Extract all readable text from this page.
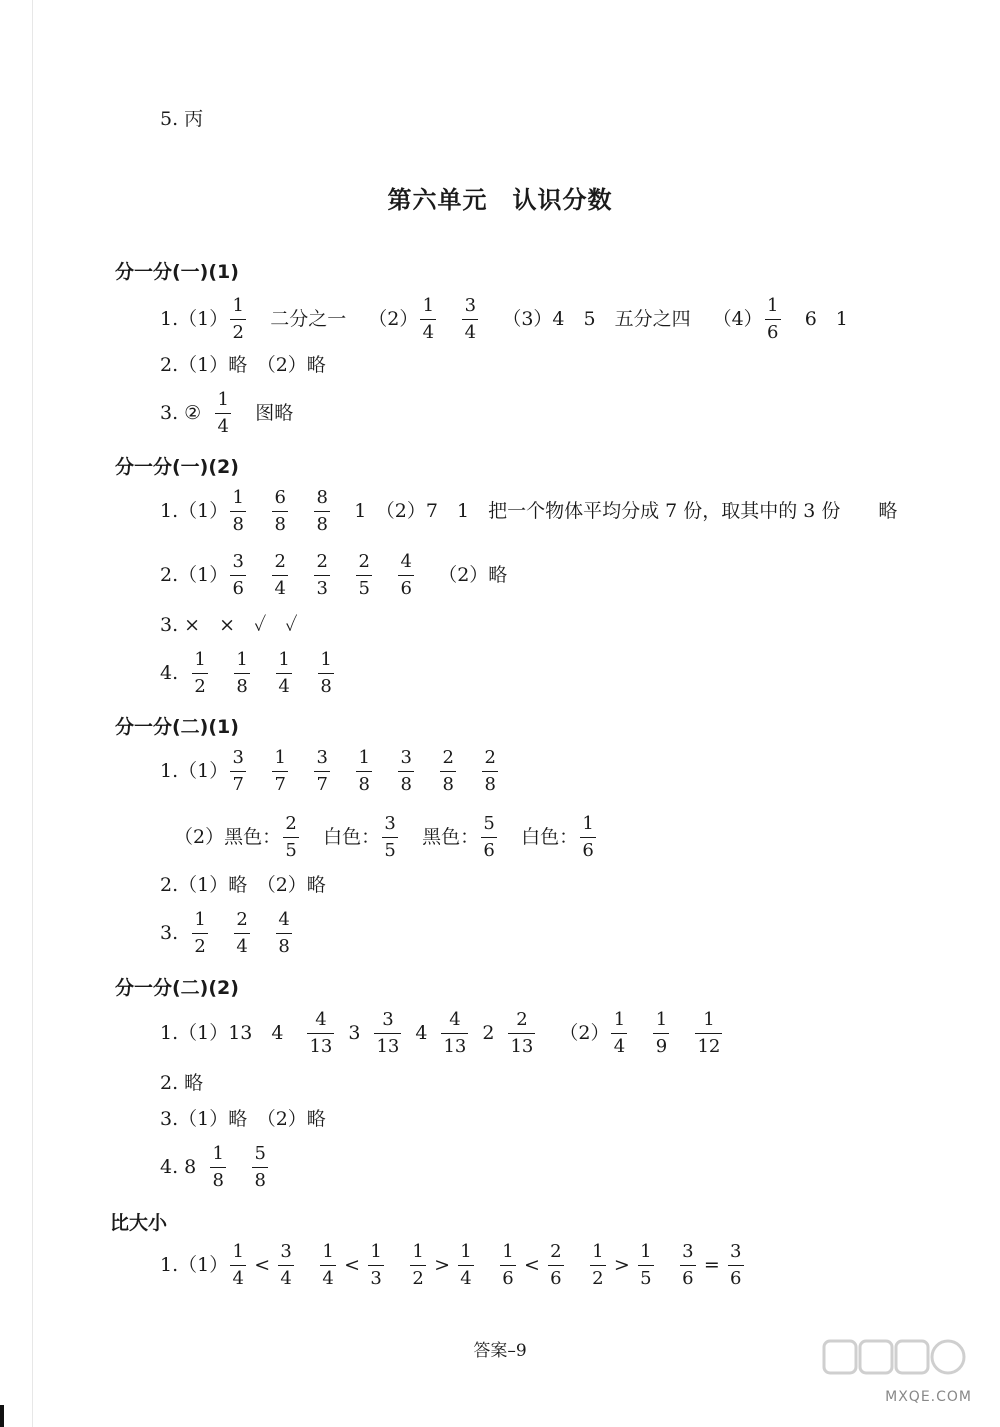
5. 丙
第六单元　认识分数
分一分(一)(1)
$1.(1) \frac{1}{2}$ 二分之一 $(2) \frac{1}{4} \frac{3}{4} (3)4$　5　五分之四 $(4) \frac{1}{6} 6$　1
2.（1）略　（2）略
3. ② $\frac{1}{4}$ 图略
分一分(一)(2)
$1.(1) \frac{1}{8} \frac{6}{8} \frac{8}{8} 1$　（2）7　1　把一个物体平均分成 7 份，取其中的 3 份　　略
$2.(1) \frac{3}{6} \frac{2}{4} \frac{2}{3} \frac{2}{5} \frac{4}{6} (2)$略
3. ×　×　✓　✓
4. $\frac{1}{2} \frac{1}{8} \frac{1}{4} \frac{1}{8}$
分一分(二)(1)
$1.(1) \frac{3}{7} \frac{1}{7} \frac{3}{7} \frac{1}{8} \frac{3}{8} \frac{2}{8} \frac{2}{8}$
（2）黑色： $\frac{2}{5}$ 白色： $\frac{3}{5}$ 黑色： $\frac{5}{6}$ 白色： $\frac{1}{6}$
2.（1）略　（2）略
3. $\frac{1}{2} \frac{2}{4} \frac{4}{8}$
分一分(二)(2)
1.（1）13　$4 \frac{4}{13} 3 \frac{3}{13} 4 \frac{4}{13} 2 \frac{2}{13} (2) \frac{1}{4} \frac{1}{9} \frac{1}{12}$
2. 略
3.（1）略　（2）略
4. $8 \frac{1}{8} \frac{5}{8}$
比大小
$1.(1) \frac{1}{4} < \frac{3}{4} \frac{1}{4} < \frac{1}{3} \frac{1}{2} > \frac{1}{4} \frac{1}{6} < \frac{2}{6} \frac{1}{2} > \frac{1}{5} \frac{3}{6} = \frac{3}{6}$
答案–9
MXQE.COM
